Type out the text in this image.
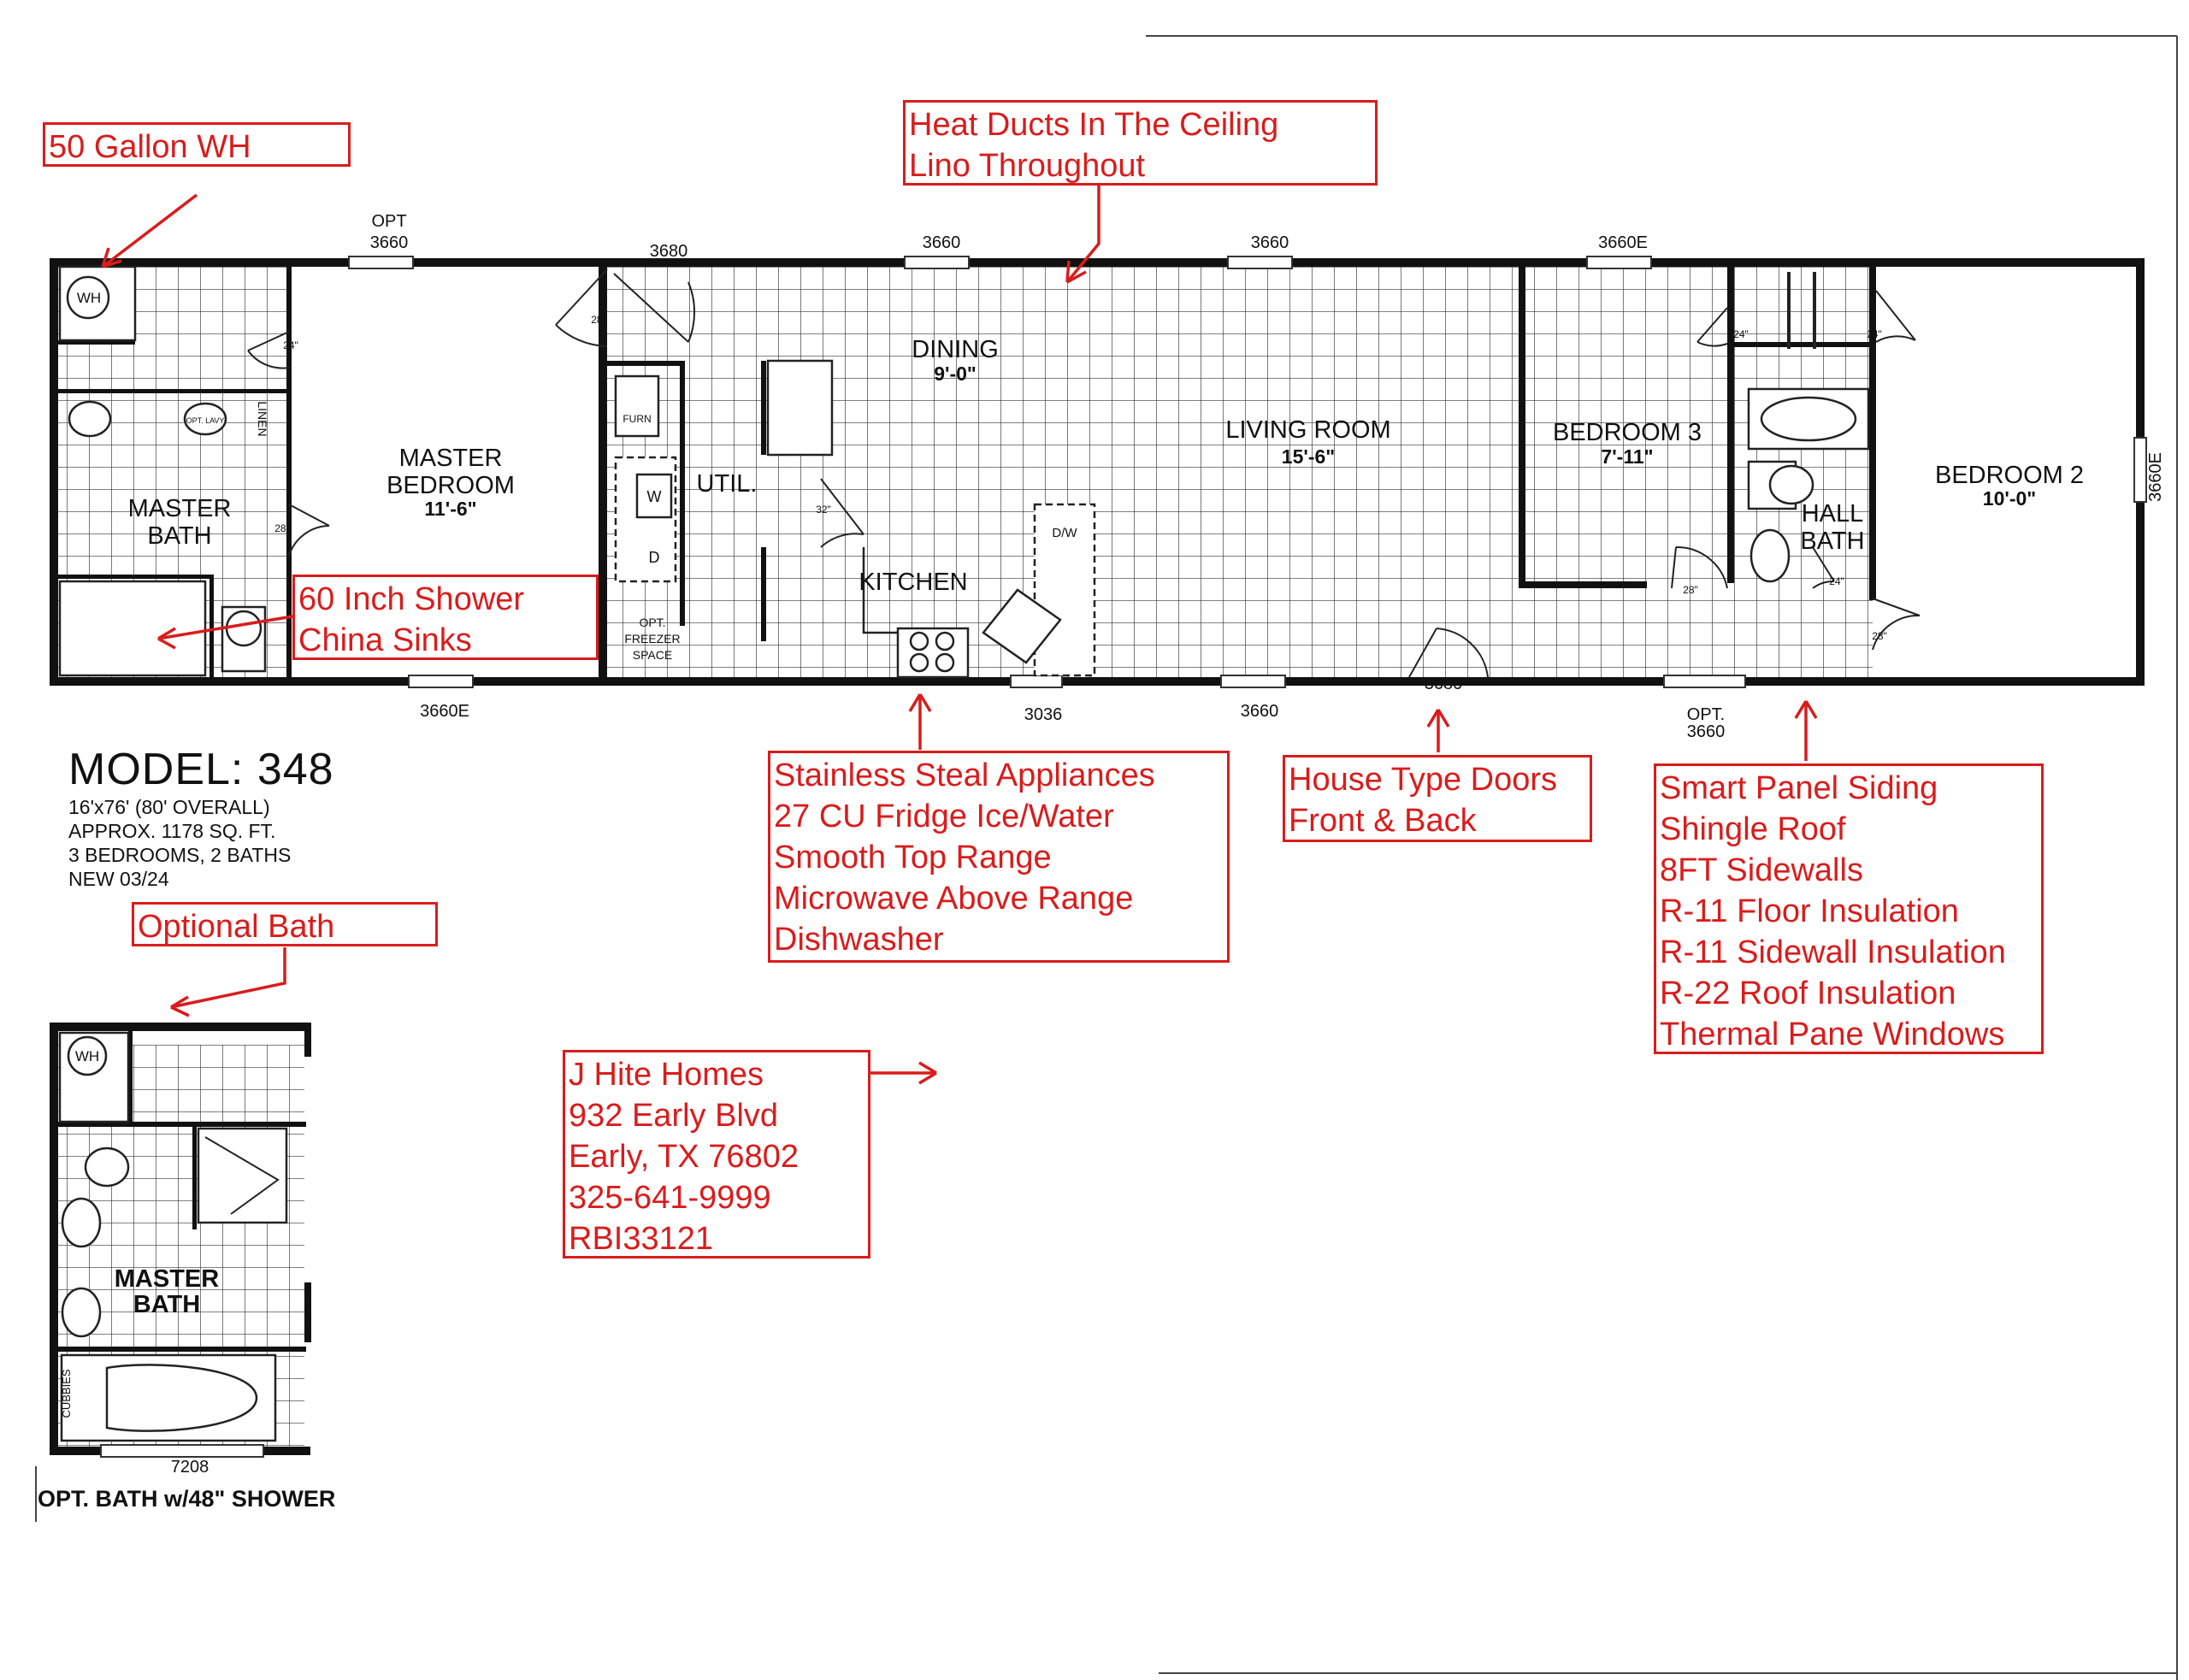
MASTER
BEDROOM
11'-6"
MASTER
BATH
DINING
9'-0"
LIVING ROOM
15'-6"
BEDROOM 3
7'-11"
BEDROOM 2
10'-0"
HALL
BATH
UTIL.
KITCHEN
OPT.
FREEZER
SPACE
LINEN
OPT. LAVY
WH
FURN
W
D
D/W
OPT
3660	3680	3660	3660	3660E
3660E
3660E	3036	3660
3680
OPT.
3660
28"
24"
28"
32"
24"	24"
28"
24"
28"
WH
CUBBIES
MASTER
BATH
7208
50 Gallon WH
Heat Ducts In The Ceiling
Lino Throughout
60 Inch Shower
China Sinks
Stainless Steal Appliances
27 CU Fridge Ice/Water
Smooth Top Range
Microwave Above Range
Dishwasher
House Type Doors
Front & Back
Smart Panel Siding
Shingle Roof
8FT Sidewalls
R-11 Floor Insulation
R-11 Sidewall Insulation
R-22 Roof Insulation
Thermal Pane Windows
Optional Bath
J Hite Homes
932 Early Blvd
Early, TX 76802
325-641-9999
RBI33121
MODEL: 348
16'x76' (80' OVERALL)
APPROX. 1178 SQ. FT.
3 BEDROOMS, 2 BATHS
NEW 03/24
OPT. BATH w/48" SHOWER
